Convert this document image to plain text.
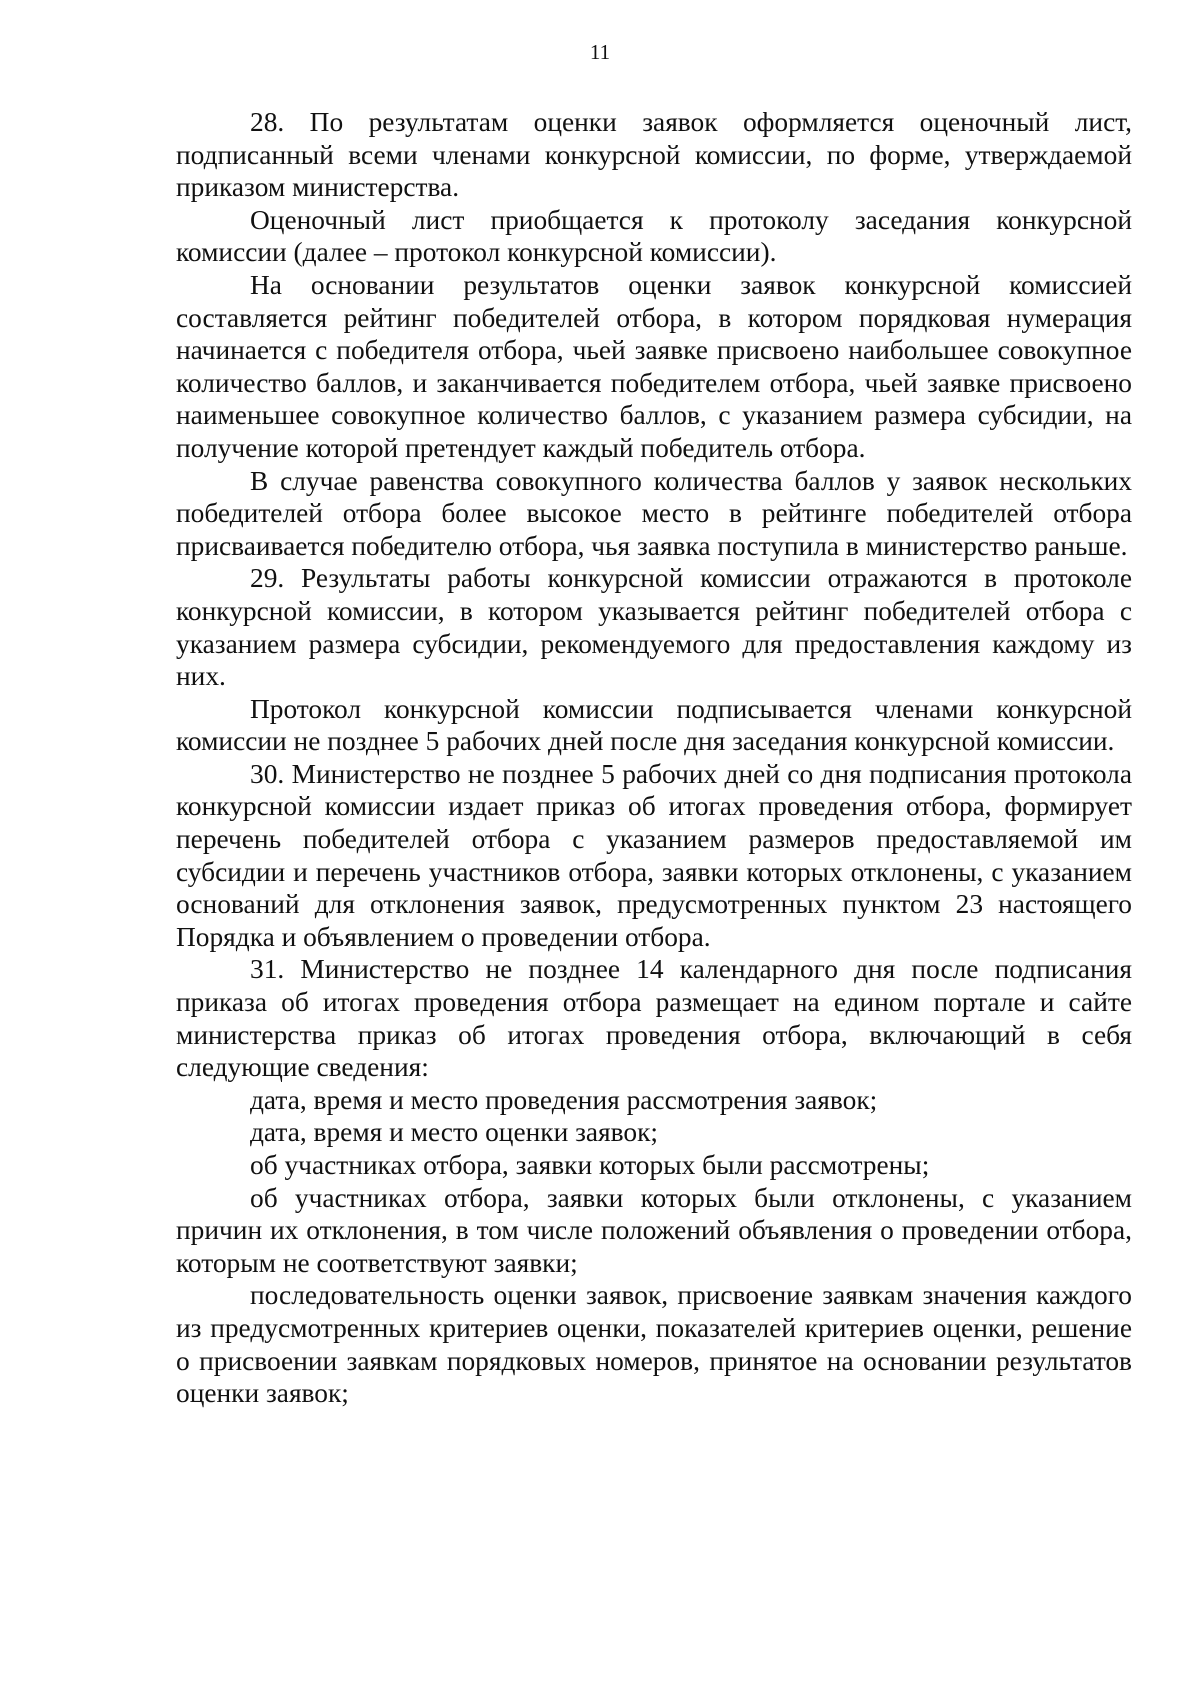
11

28. По результатам оценки заявок оформляется оценочный лист, подписанный всеми членами конкурсной комиссии, по форме, утверждаемой приказом министерства.

Оценочный лист приобщается к протоколу заседания конкурсной комиссии (далее – протокол конкурсной комиссии).

На основании результатов оценки заявок конкурсной комиссией составляется рейтинг победителей отбора, в котором порядковая нумерация начинается с победителя отбора, чьей заявке присвоено наибольшее совокупное количество баллов, и заканчивается победителем отбора, чьей заявке присвоено наименьшее совокупное количество баллов, с указанием размера субсидии, на получение которой претендует каждый победитель отбора.

В случае равенства совокупного количества баллов у заявок нескольких победителей отбора более высокое место в рейтинге победителей отбора присваивается победителю отбора, чья заявка поступила в министерство раньше.

29. Результаты работы конкурсной комиссии отражаются в протоколе конкурсной комиссии, в котором указывается рейтинг победителей отбора с указанием размера субсидии, рекомендуемого для предоставления каждому из них.

Протокол конкурсной комиссии подписывается членами конкурсной комиссии не позднее 5 рабочих дней после дня заседания конкурсной комиссии.

30. Министерство не позднее 5 рабочих дней со дня подписания протокола конкурсной комиссии издает приказ об итогах проведения отбора, формирует перечень победителей отбора с указанием размеров предоставляемой им субсидии и перечень участников отбора, заявки которых отклонены, с указанием оснований для отклонения заявок, предусмотренных пунктом 23 настоящего Порядка и объявлением о проведении отбора.

31. Министерство не позднее 14 календарного дня после подписания приказа об итогах проведения отбора размещает на едином портале и сайте министерства приказ об итогах проведения отбора, включающий в себя следующие сведения:

дата, время и место проведения рассмотрения заявок;

дата, время и место оценки заявок;

об участниках отбора, заявки которых были рассмотрены;

об участниках отбора, заявки которых были отклонены, с указанием причин их отклонения, в том числе положений объявления о проведении отбора, которым не соответствуют заявки;

последовательность оценки заявок, присвоение заявкам значения каждого из предусмотренных критериев оценки, показателей критериев оценки, решение о присвоении заявкам порядковых номеров, принятое на основании результатов оценки заявок;
